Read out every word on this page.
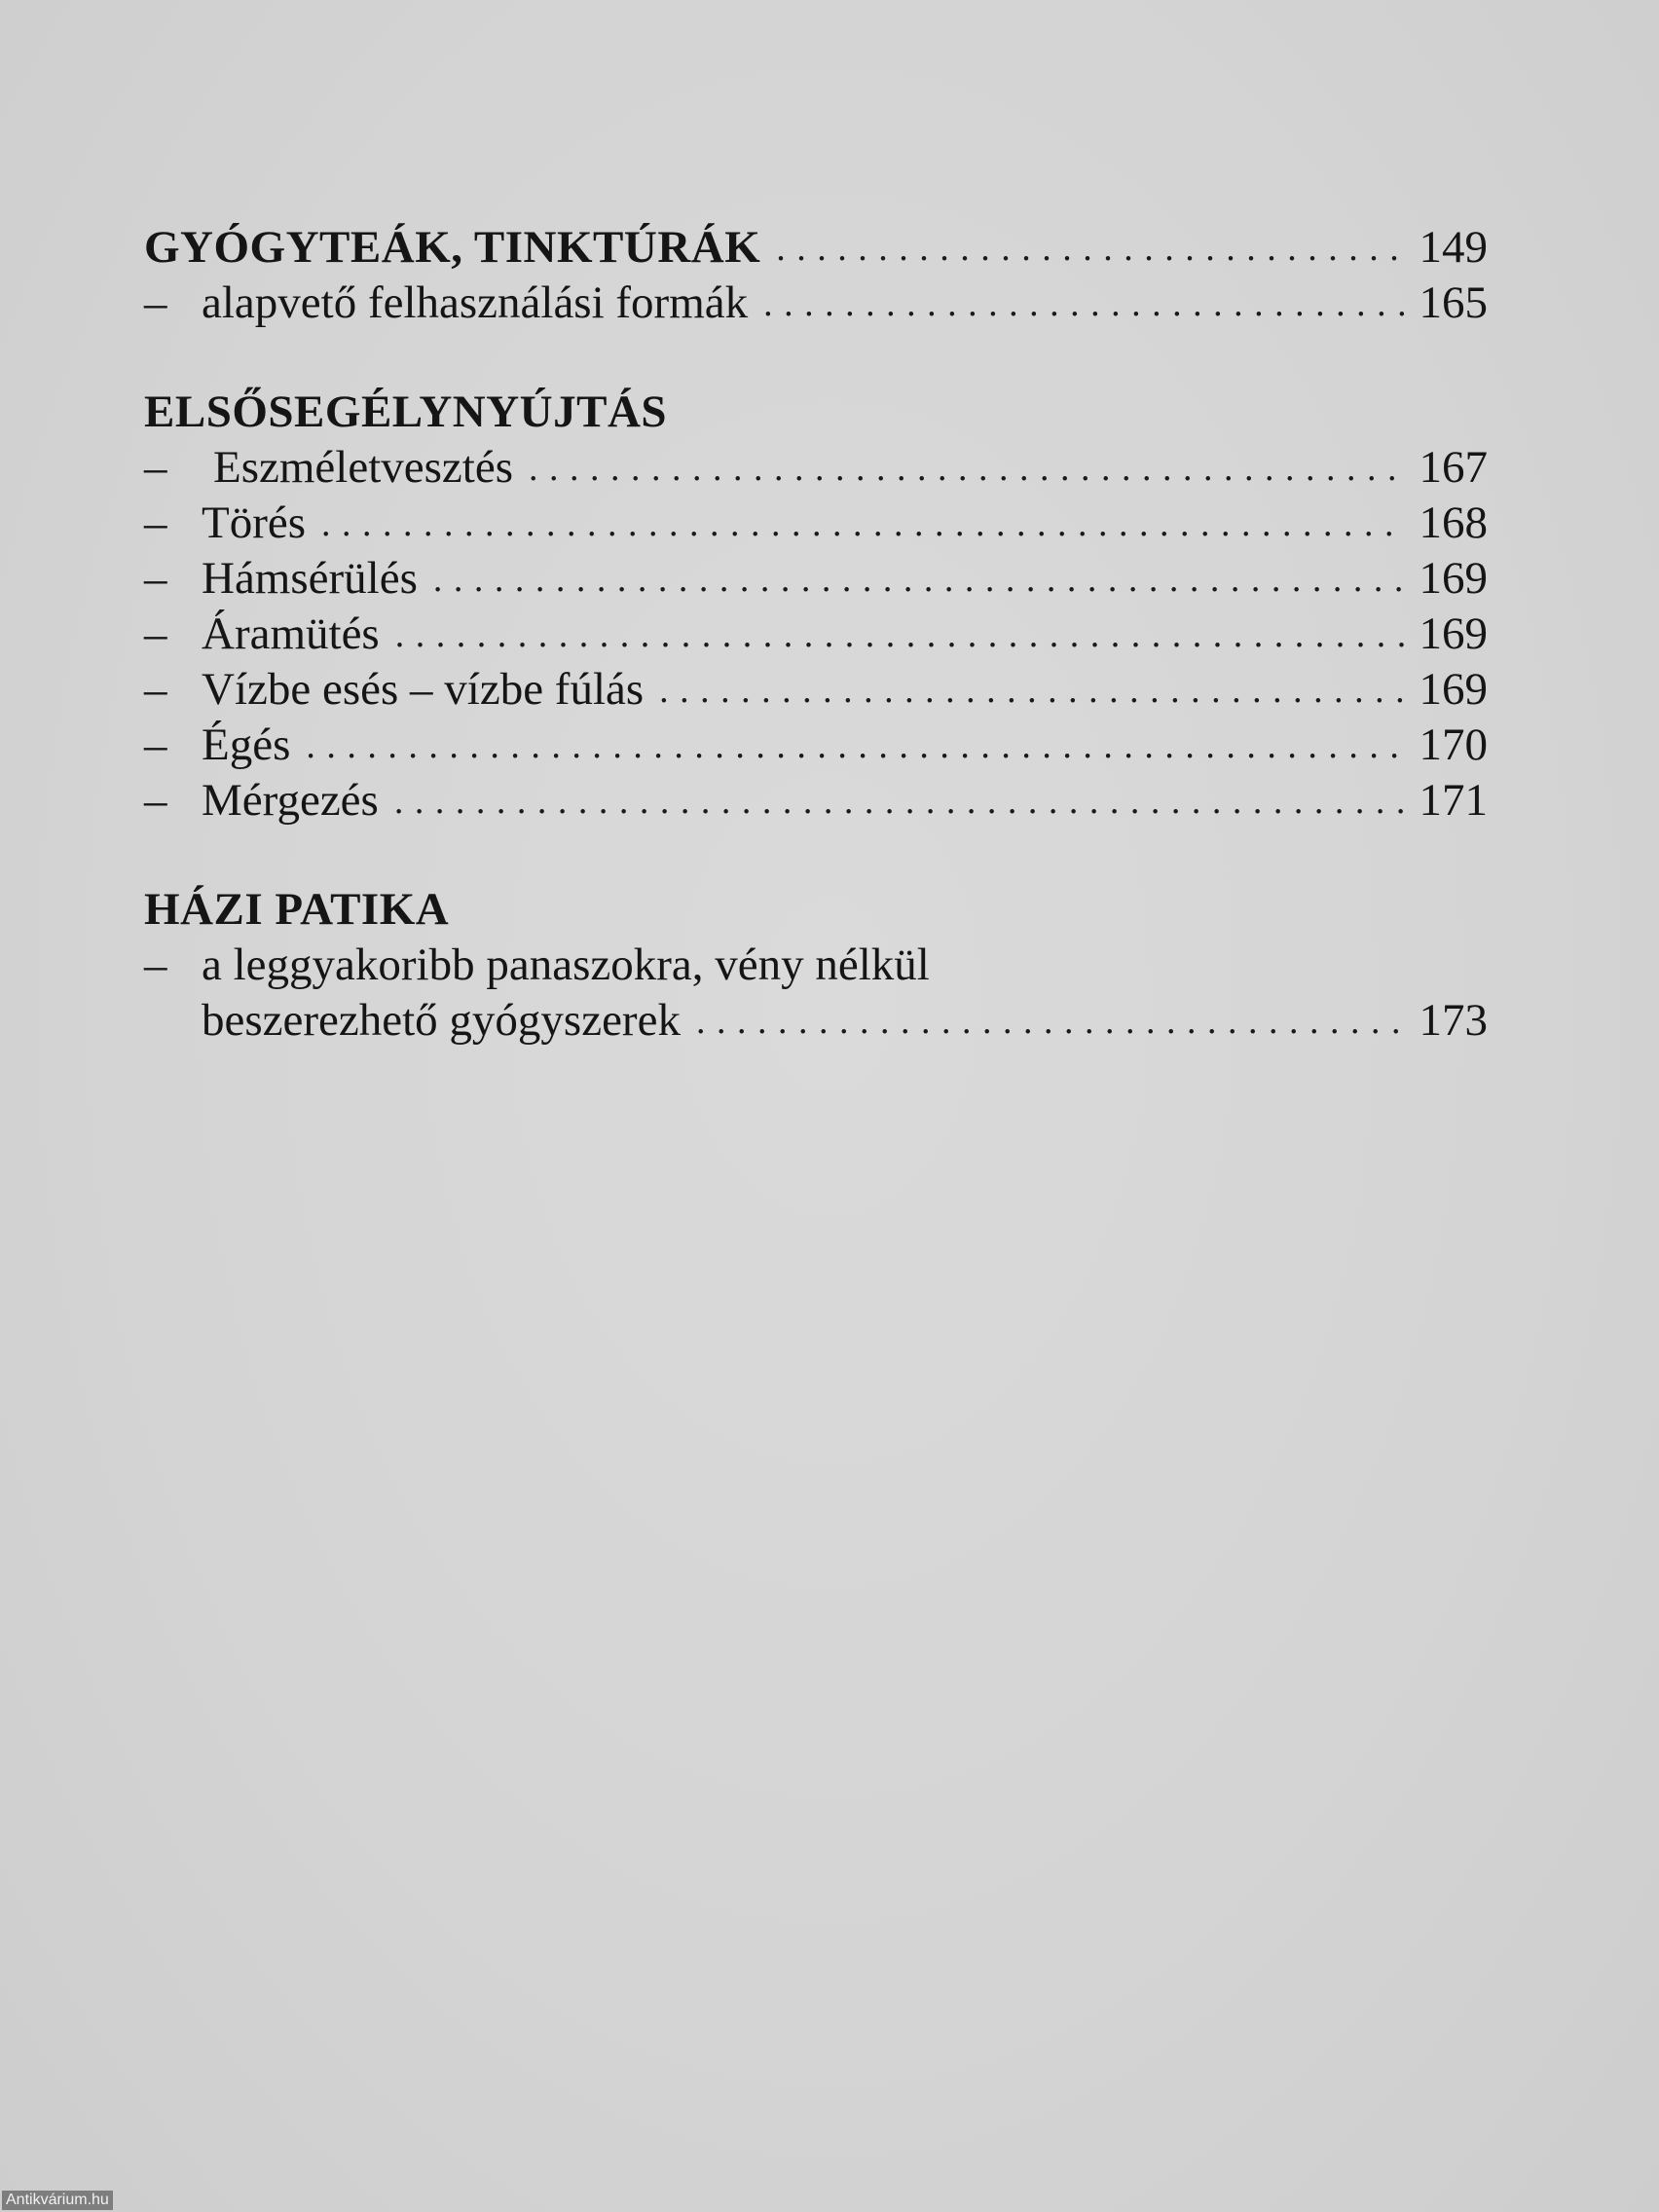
GYÓGYTEÁK, TINKTÚRÁK . . .	149
– alapvető felhasználási formák . . .	165
ELSŐSEGÉLYNYÚJTÁS
–	Eszméletvesztés . . .	167
– Törés . . .	168
– Hámsérülés . . .	169
– Áramütés . . .	169
– Vízbe esés – vízbe fúlás . . .	169
– Égés . . .	170
– Mérgezés . . .	171
HÁZI PATIKA
– a leggyakoribb panaszokra, vény nélkül
beszerezhető gyógyszerek . . .	173
Antikvárium.hu
